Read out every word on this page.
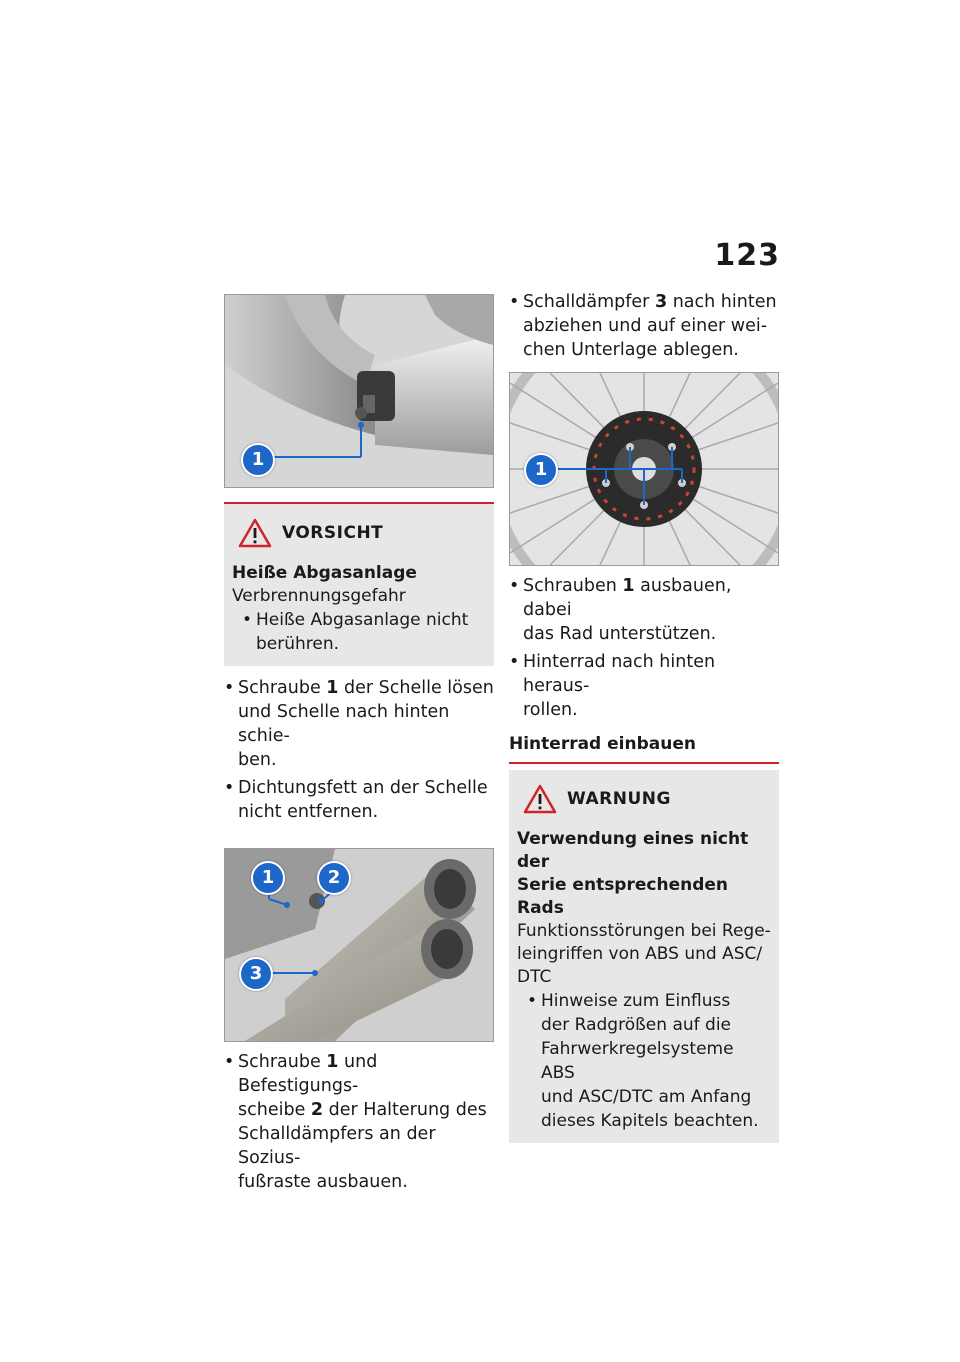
123
1
VORSICHT
Heiße Abgasanlage
Verbrennungsgefahr
• Heiße Abgasanlage nicht
berühren.
• Schraube 1 der Schelle lösen
und Schelle nach hinten schie-
ben.
• Dichtungsfett an der Schelle
nicht entfernen.
1	2
3
• Schraube 1 und Befestigungs-
scheibe 2 der Halterung des
Schalldämpfers an der Sozius-
fußraste ausbauen.
• Schalldämpfer 3 nach hinten
abziehen und auf einer wei-
chen Unterlage ablegen.
1
• Schrauben 1 ausbauen, dabei
das Rad unterstützen.
• Hinterrad nach hinten heraus-
rollen.
Hinterrad einbauen
WARNUNG
Verwendung eines nicht der
Serie entsprechenden Rads
Funktionsstörungen bei Rege-
leingriffen von ABS und ASC/
DTC
• Hinweise zum Einfluss
der Radgrößen auf die
Fahrwerkregelsysteme ABS
und ASC/DTC am Anfang
dieses Kapitels beachten.
